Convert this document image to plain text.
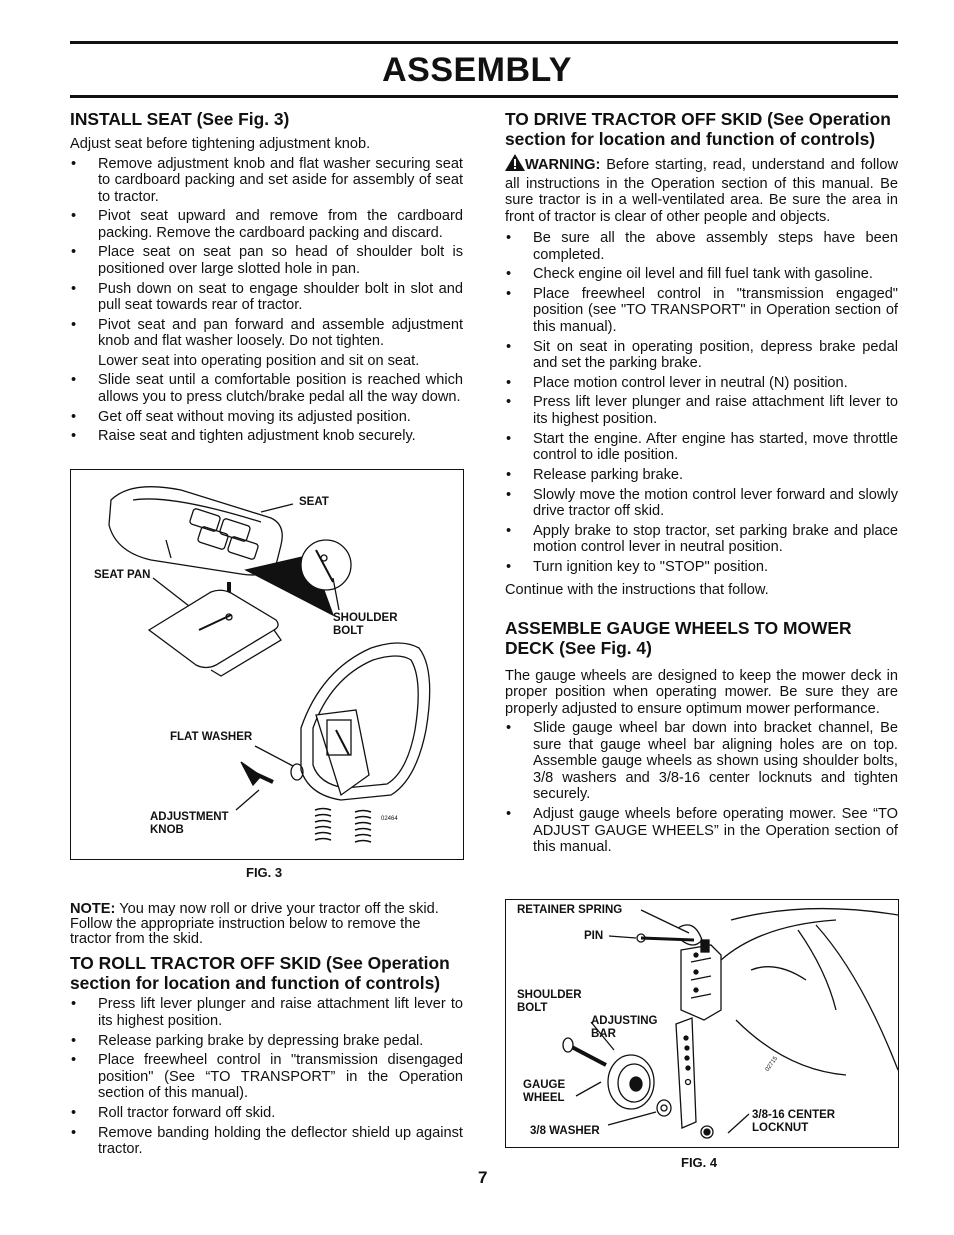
ASSEMBLY

INSTALL SEAT (See Fig. 3)

Adjust seat before tightening adjustment knob.

• Remove adjustment knob and flat washer securing seat to cardboard packing and set aside for assembly of seat to tractor.
• Pivot seat upward and remove from the cardboard packing. Remove the cardboard packing and discard.
• Place seat on seat pan so head of shoulder bolt is positioned over large slotted hole in pan.
• Push down on seat to engage shoulder bolt in slot and pull seat towards rear of tractor.
• Pivot seat and pan forward and assemble adjustment knob and flat washer loosely. Do not tighten.

Lower seat into operating position and sit on seat.

• Slide seat until a comfortable position is reached which allows you to press clutch/brake pedal all the way down.
• Get off seat without moving its adjusted position.
• Raise seat and tighten adjustment knob securely.
SEAT
SEAT PAN
SHOULDER
BOLT
FLAT WASHER
ADJUSTMENT
KNOB
02464
FIG. 3

NOTE: You may now roll or drive your tractor off the skid. Follow the appropriate instruction below to remove the tractor from the skid.

TO ROLL TRACTOR OFF SKID (See Operation section for location and function of controls)

• Press lift lever plunger and raise attachment lift lever to its highest position.
• Release parking brake by depressing brake pedal.
• Place freewheel control in "transmission disengaged position" (See “TO TRANSPORT” in the Operation section of this manual).
• Roll tractor forward off skid.
• Remove banding holding the deflector shield up against tractor.

TO DRIVE TRACTOR OFF SKID (See Operation section for location and function of controls)

WARNING: Before starting, read, understand and follow all instructions in the Operation section of this manual. Be sure tractor is in a well-ventilated area. Be sure the area in front of tractor is clear of other people and objects.

• Be sure all the above assembly steps have been completed.
• Check engine oil level and fill fuel tank with gasoline.
• Place freewheel control in "transmission engaged" position (see "TO TRANSPORT" in Operation section of this manual).
• Sit on seat in operating position, depress brake pedal and set the parking brake.
• Place motion control lever in neutral (N) position.
• Press lift lever plunger and raise attachment lift lever to its highest position.
• Start the engine. After engine has started, move throttle control to idle position.
• Release parking brake.
• Slowly move the motion control lever forward and slowly drive tractor off skid.
• Apply brake to stop tractor, set parking brake and place motion control lever in neutral position.
• Turn ignition key to "STOP" position.

Continue with the instructions that follow.

ASSEMBLE GAUGE WHEELS TO MOWER DECK (See Fig. 4)

The gauge wheels are designed to keep the mower deck in proper position when operating mower. Be sure they are properly adjusted to ensure optimum mower performance.

• Slide gauge wheel bar down into bracket channel, Be sure that gauge wheel bar aligning holes are on top. Assemble gauge wheels as shown using shoulder bolts, 3/8 washers and 3/8-16 center locknuts and tighten securely.
• Adjust gauge wheels before operating mower. See “TO ADJUST GAUGE WHEELS” in the Operation section of this manual.
RETAINER SPRING
PIN
SHOULDER
BOLT
ADJUSTING
BAR
GAUGE
WHEEL
3/8 WASHER
3/8-16 CENTER
LOCKNUT
02715
FIG. 4
7
